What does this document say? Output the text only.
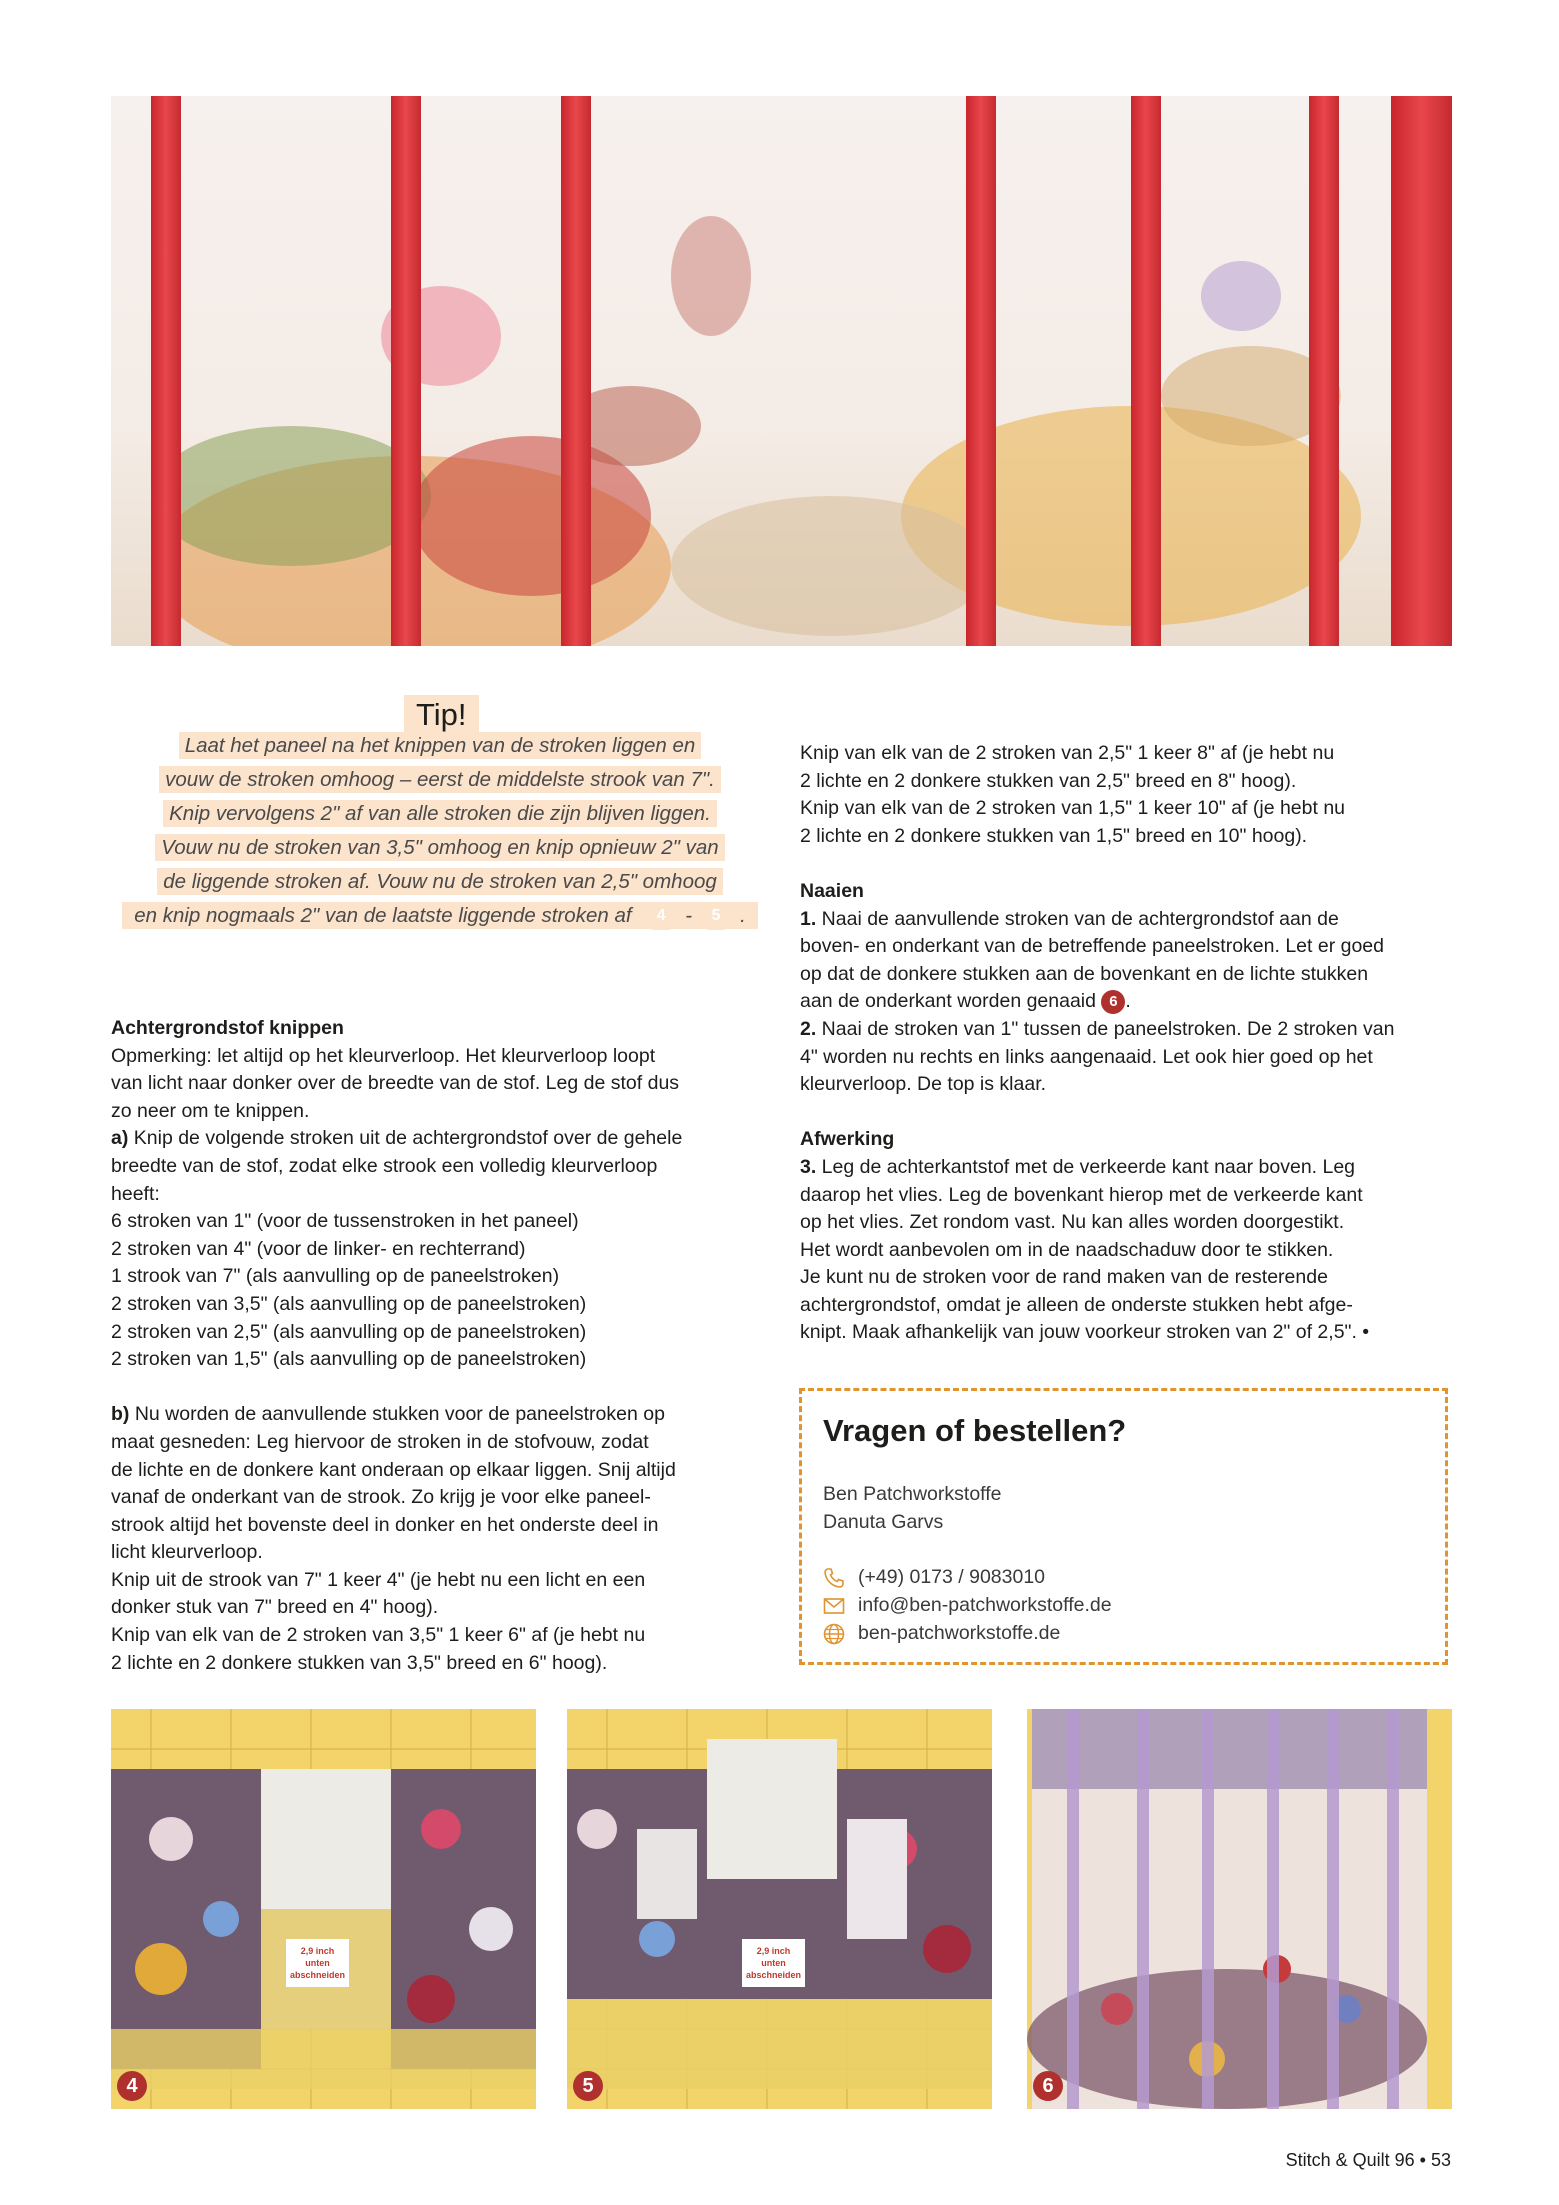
Tip!
Laat het paneel na het knippen van de stroken liggen en
vouw de stroken omhoog – eerst de middelste strook van 7".
Knip vervolgens 2" af van alle stroken die zijn blijven liggen.
Vouw nu de stroken van 3,5" omhoog en knip opnieuw 2" van
de liggende stroken af. Vouw nu de stroken van 2,5" omhoog
en knip nogmaals 2" van de laatste liggende stroken af 4 - 5 .

Achtergrondstof knippen

Opmerking: let altijd op het kleurverloop. Het kleurverloop loopt

van licht naar donker over de breedte van de stof. Leg de stof dus

zo neer om te knippen.

a) Knip de volgende stroken uit de achtergrondstof over de gehele

breedte van de stof, zodat elke strook een volledig kleurverloop

heeft:

6 stroken van 1" (voor de tussenstroken in het paneel)

2 stroken van 4" (voor de linker- en rechterrand)

1 strook van 7" (als aanvulling op de paneelstroken)

2 stroken van 3,5" (als aanvulling op de paneelstroken)

2 stroken van 2,5" (als aanvulling op de paneelstroken)

2 stroken van 1,5" (als aanvulling op de paneelstroken)

b) Nu worden de aanvullende stukken voor de paneelstroken op

maat gesneden: Leg hiervoor de stroken in de stofvouw, zodat

de lichte en de donkere kant onderaan op elkaar liggen. Snij altijd

vanaf de onderkant van de strook. Zo krijg je voor elke paneel-

strook altijd het bovenste deel in donker en het onderste deel in

licht kleurverloop.

Knip uit de strook van 7" 1 keer 4" (je hebt nu een licht en een

donker stuk van 7" breed en 4" hoog).

Knip van elk van de 2 stroken van 3,5" 1 keer 6" af (je hebt nu

2 lichte en 2 donkere stukken van 3,5" breed en 6" hoog).

Knip van elk van de 2 stroken van 2,5" 1 keer 8" af (je hebt nu

2 lichte en 2 donkere stukken van 2,5" breed en 8" hoog).

Knip van elk van de 2 stroken van 1,5" 1 keer 10" af (je hebt nu

2 lichte en 2 donkere stukken van 1,5" breed en 10" hoog).

Naaien

1. Naai de aanvullende stroken van de achtergrondstof aan de

boven- en onderkant van de betreffende paneelstroken. Let er goed

op dat de donkere stukken aan de bovenkant en de lichte stukken

aan de onderkant worden genaaid 6 .

2. Naai de stroken van 1" tussen de paneelstroken. De 2 stroken van

4" worden nu rechts en links aangenaaid. Let ook hier goed op het

kleurverloop. De top is klaar.

Afwerking

3. Leg de achterkantstof met de verkeerde kant naar boven. Leg

daarop het vlies. Leg de bovenkant hierop met de verkeerde kant

op het vlies. Zet rondom vast. Nu kan alles worden doorgestikt.

Het wordt aanbevolen om in de naadschaduw door te stikken.

Je kunt nu de stroken voor de rand maken van de resterende

achtergrondstof, omdat je alleen de onderste stukken hebt afge-

knipt. Maak afhankelijk van jouw voorkeur stroken van 2" of 2,5". •

Vragen of bestellen?
Ben Patchworkstoffe
Danuta Garvs
(+49) 0173 / 9083010
info@ben-patchworkstoffe.de
ben-patchworkstoffe.de
2,9 inch
unten
abschneiden
4
2,9 inch
unten
abschneiden
5	6
Stitch & Quilt 96 • 53
